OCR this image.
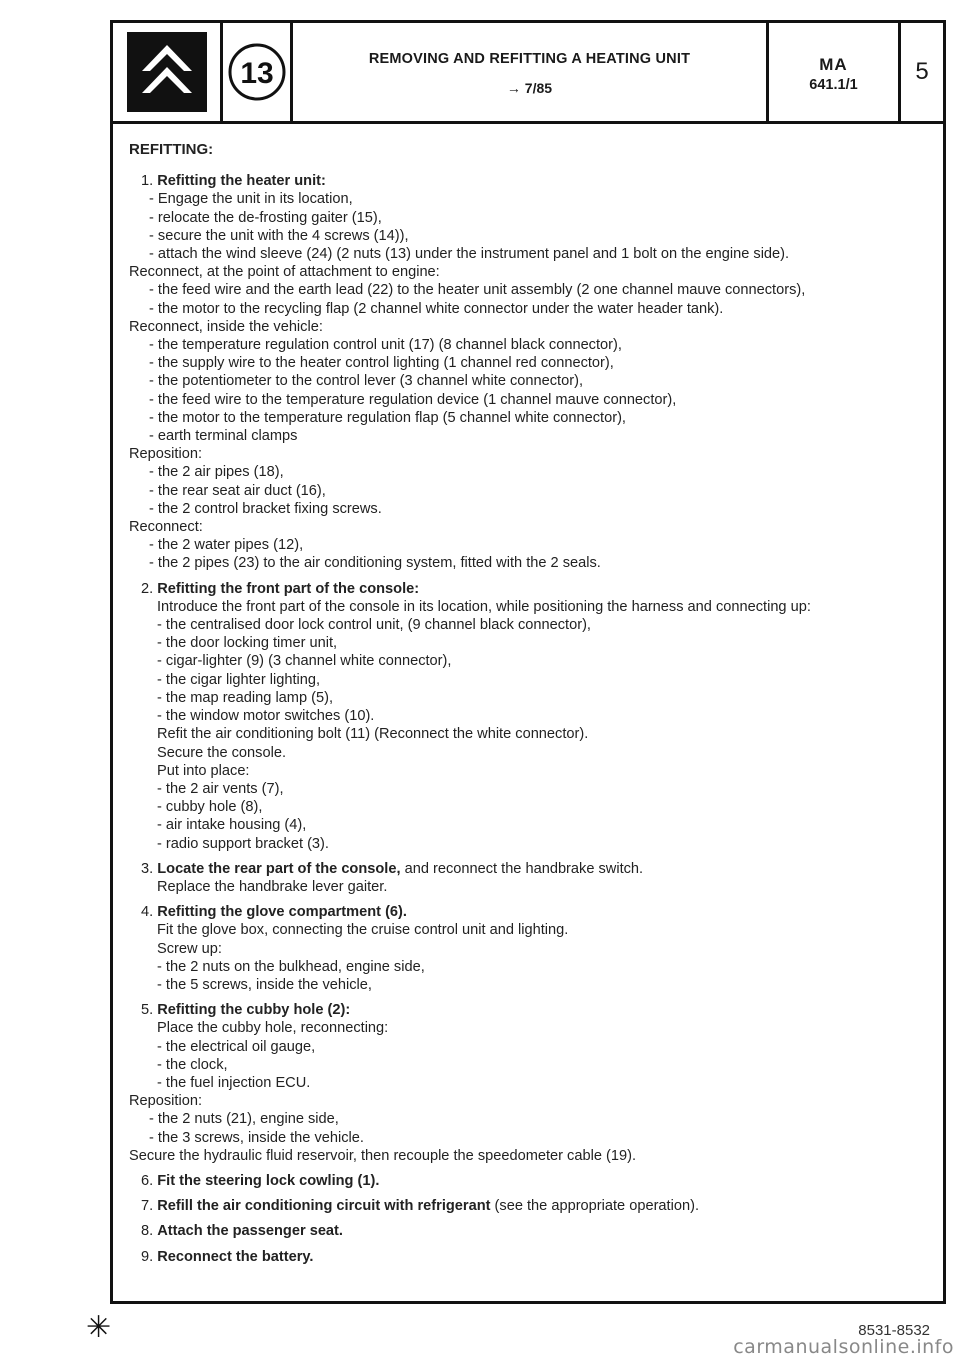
13	REMOVING AND REFITTING A HEATING UNIT
→ 7/85
MA
641.1/1	5
REFITTING:
1. Refitting the heater unit:
- Engage the unit in its location,
- relocate the de-frosting gaiter (15),
- secure the unit with the 4 screws (14)),
- attach the wind sleeve (24) (2 nuts (13) under the instrument panel and 1 bolt on the engine side).
Reconnect, at the point of attachment to engine:
- the feed wire and the earth lead (22) to the heater unit assembly (2 one channel mauve connectors),
- the motor to the recycling flap (2 channel white connector under the water header tank).
Reconnect, inside the vehicle:
- the temperature regulation control unit (17) (8 channel black connector),
- the supply wire to the heater control lighting (1 channel red connector),
- the potentiometer to the control lever (3 channel white connector),
- the feed wire to the temperature regulation device (1 channel mauve connector),
- the motor to the temperature regulation flap (5 channel white connector),
- earth terminal clamps
Reposition:
- the 2 air pipes (18),
- the rear seat air duct (16),
- the 2 control bracket fixing screws.
Reconnect:
- the 2 water pipes (12),
- the 2 pipes (23) to the air conditioning system, fitted with the 2 seals.
2. Refitting the front part of the console:
Introduce the front part of the console in its location, while positioning the harness and connecting up:
- the centralised door lock control unit, (9 channel black connector),
- the door locking timer unit,
- cigar-lighter (9) (3 channel white connector),
- the cigar lighter lighting,
- the map reading lamp (5),
- the window motor switches (10).
Refit the air conditioning bolt (11) (Reconnect the white connector).
Secure the console.
Put into place:
- the 2 air vents (7),
- cubby hole (8),
- air intake housing (4),
- radio support bracket (3).
3. Locate the rear part of the console, and reconnect the handbrake switch.
Replace the handbrake lever gaiter.
4. Refitting the glove compartment (6).
Fit the glove box, connecting the cruise control unit and lighting.
Screw up:
- the 2 nuts on the bulkhead, engine side,
- the 5 screws, inside the vehicle,
5. Refitting the cubby hole (2):
Place the cubby hole, reconnecting:
- the electrical oil gauge,
- the clock,
- the fuel injection ECU.
Reposition:
- the 2 nuts (21), engine side,
- the 3 screws, inside the vehicle.
Secure the hydraulic fluid reservoir, then recouple the speedometer cable (19).
6. Fit the steering lock cowling (1).
7. Refill the air conditioning circuit with refrigerant (see the appropriate operation).
8. Attach the passenger seat.
9. Reconnect the battery.
✳	8531-8532
carmanualsonline.info
